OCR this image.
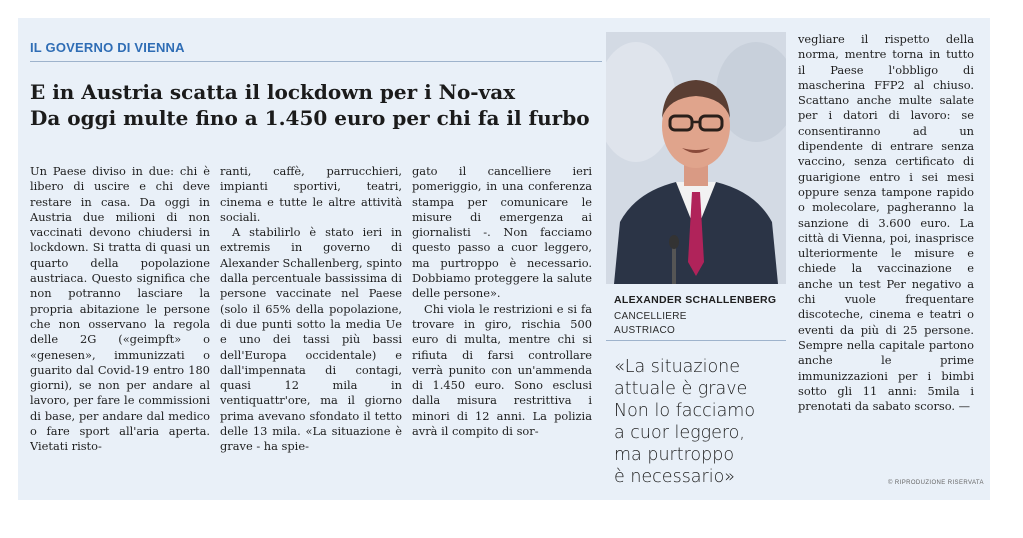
IL GOVERNO DI VIENNA
E in Austria scatta il lockdown per i No-vax
Da oggi multe fino a 1.450 euro per chi fa il furbo

Un Paese diviso in due: chi è libero di uscire e chi deve restare in casa. Da oggi in Austria due milioni di non vaccinati devono chiudersi in lockdown. Si tratta di quasi un quarto della popolazione austriaca. Questo significa che non potranno lasciare la propria abitazione le persone che non osservano la regola delle 2G («geimpft» o «genesen», immunizzati o guarito dal Covid-19 entro 180 giorni), se non per andare al lavoro, per fare le commissioni di base, per andare dal medico o fare sport all'aria aperta. Vietati risto-

ranti, caffè, parrucchieri, impianti sportivi, teatri, cinema e tutte le altre attività sociali.

A stabilirlo è stato ieri in extremis in governo di Alexander Schallenberg, spinto dalla percentuale bassissima di persone vaccinate nel Paese (solo il 65% della popolazione, di due punti sotto la media Ue e uno dei tassi più bassi dell'Europa occidentale) e dall'impennata di contagi, quasi 12 mila in ventiquattr'ore, ma il giorno prima avevano sfondato il tetto delle 13 mila. «La situazione è grave - ha spie-

gato il cancelliere ieri pomeriggio, in una conferenza stampa per comunicare le misure di emergenza ai giornalisti -. Non facciamo questo passo a cuor leggero, ma purtroppo è necessario. Dobbiamo proteggere la salute delle persone».

Chi viola le restrizioni e si fa trovare in giro, rischia 500 euro di multa, mentre chi si rifiuta di farsi controllare verrà punito con un'ammenda di 1.450 euro. Sono esclusi dalla misura restrittiva i minori di 12 anni. La polizia avrà il compito di sor-

ALEXANDER SCHALLENBERG
CANCELLIERE
AUSTRIACO
«La situazione
attuale è grave
Non lo facciamo
a cuor leggero,
ma purtroppo
è necessario»

vegliare il rispetto della norma, mentre torna in tutto il Paese l'obbligo di mascherina FFP2 al chiuso. Scattano anche multe salate per i datori di lavoro: se consentiranno ad un dipendente di entrare senza vaccino, senza certificato di guarigione entro i sei mesi oppure senza tampone rapido o molecolare, pagheranno la sanzione di 3.600 euro. La città di Vienna, poi, inasprisce ulteriormente le misure e chiede la vaccinazione e anche un test Per negativo a chi vuole frequentare discoteche, cinema e teatri o eventi da più di 25 persone. Sempre nella capitale partono anche le prime immunizzazioni per i bimbi sotto gli 11 anni: 5mila i prenotati da sabato scorso. —

© RIPRODUZIONE RISERVATA
